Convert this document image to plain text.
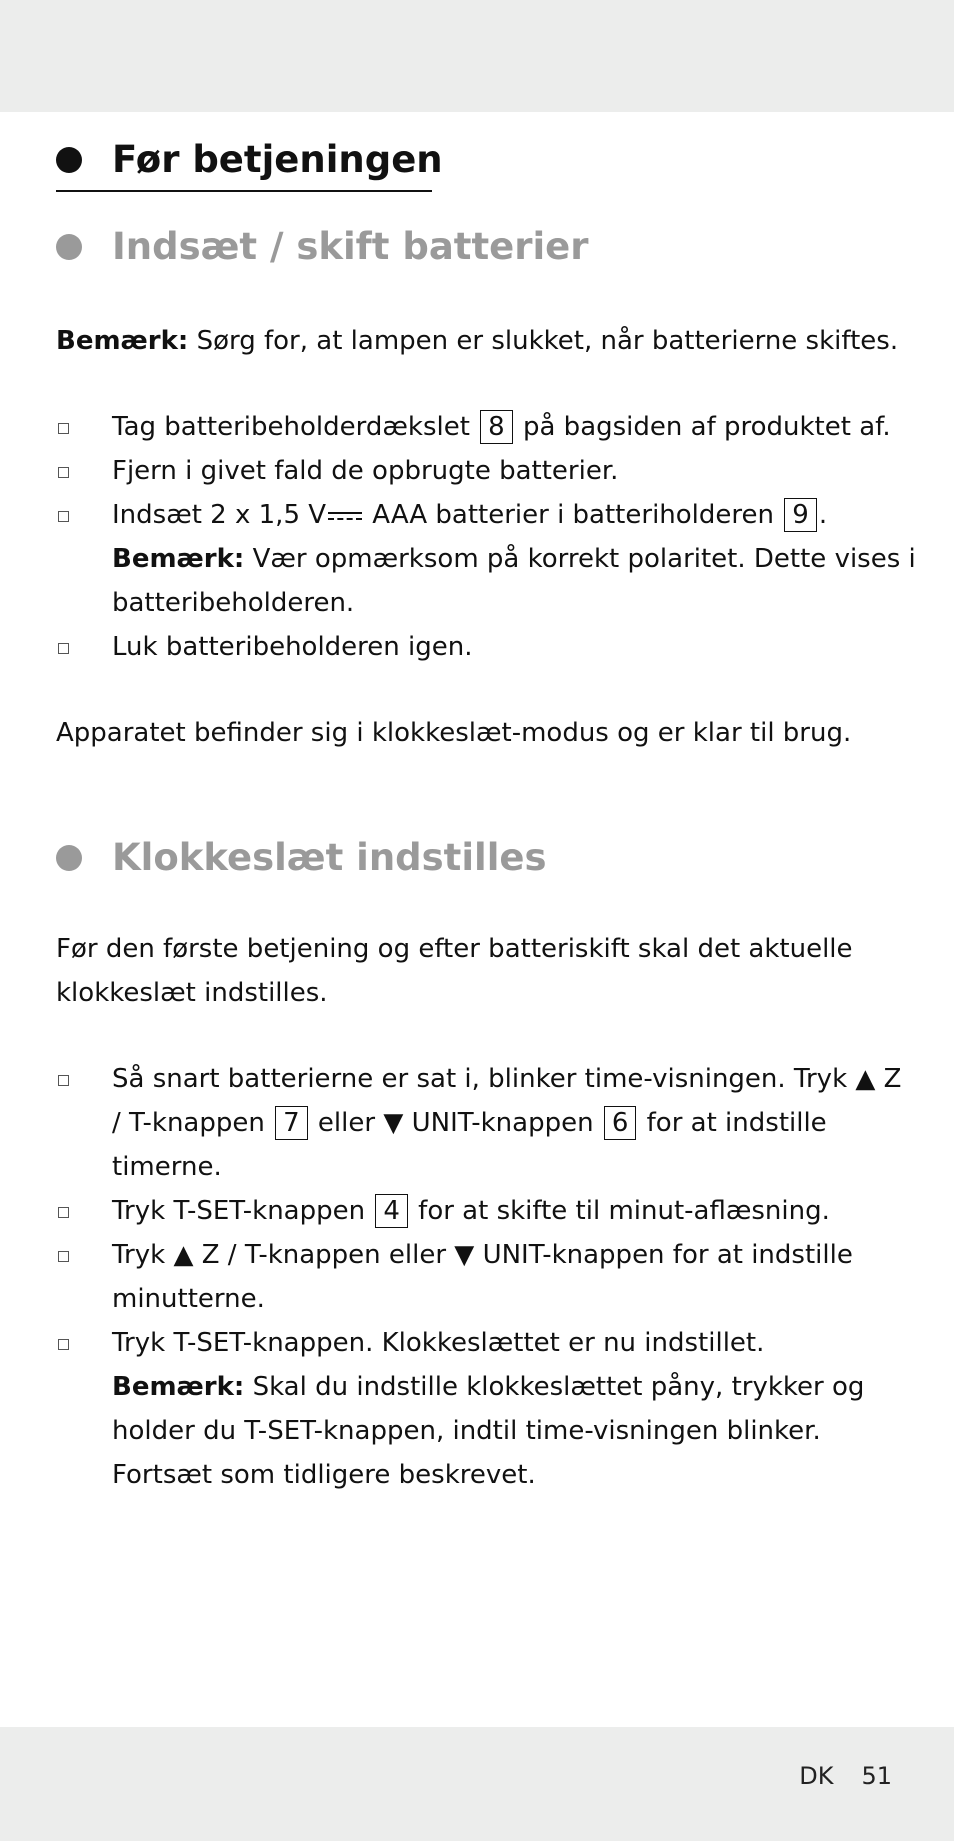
Før betjeningen
Indsæt / skift batterier
Bemærk: Sørg for, at lampen er slukket, når batterierne skiftes.
Tag batteribeholderdækslet 8 på bagsiden af produktet af.
Fjern i givet fald de opbrugte batterier.
Indsæt 2 x 1,5 V AAA batterier i batteriholderen 9 .
Bemærk: Vær opmærksom på korrekt polaritet. Dette vises i batteribeholderen.
Luk batteribeholderen igen.
Apparatet befinder sig i klokkeslæt-modus og er klar til brug.
Klokkeslæt indstilles
Før den første betjening og efter batteriskift skal det aktuelle klokkeslæt indstilles.
Så snart batterierne er sat i, blinker time-visningen. Tryk ▲ Z / T-knappen 7 eller ▼ UNIT-knappen 6 for at indstille timerne.
Tryk T-SET-knappen 4 for at skifte til minut-aflæsning.
Tryk ▲ Z / T-knappen eller ▼ UNIT-knappen for at indstille minutterne.
Tryk T-SET-knappen. Klokkeslættet er nu indstillet.
Bemærk: Skal du indstille klokkeslættet påny, trykker og holder du T-SET-knappen, indtil time-visningen blinker. Fortsæt som tidligere beskrevet.
DK 51
